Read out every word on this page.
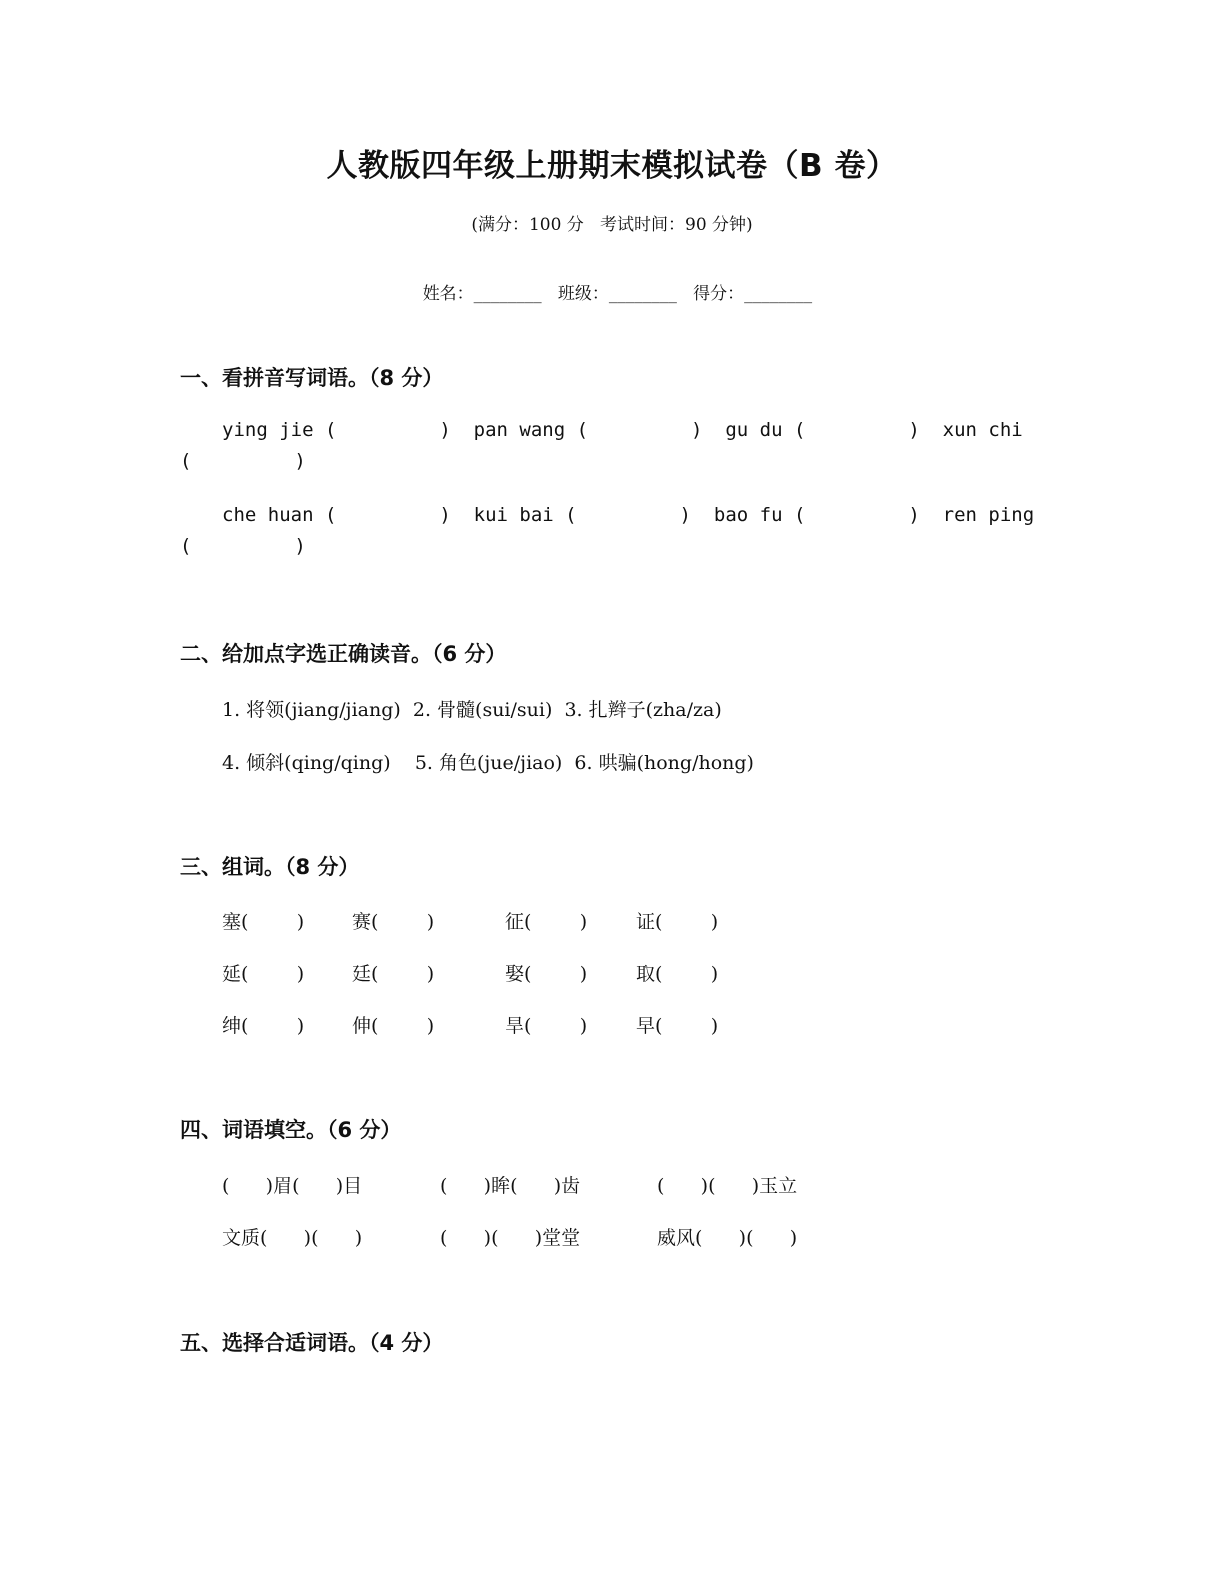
人教版四年级上册期末模拟试卷（B 卷）
(满分：100 分   考试时间：90 分钟)

姓名：________ 班级：________ 得分：________

一、看拼音写词语。（8 分）
ying jie (         )  pan wang (         )  gu du (         )  xun chi
(         )
che huan (         )  kui bai (         )  bao fu (         )  ren ping
(         )
二、给加点字选正确读音。（6 分）
1. 将领(jiang/jiang)  2. 骨髓(sui/sui)  3. 扎辫子(zha/za)
4. 倾斜(qing/qing)    5. 角色(jue/jiao)  6. 哄骗(hong/hong)
三、组词。（8 分）
塞(        )	赛(        )	征(        )	证(        )
延(        )	廷(        )	娶(        )	取(        )
绅(        )	伸(        )	旱(        )	早(        )
四、词语填空。（6 分）
(      )眉(      )目	(      )眸(      )齿	(      )(      )玉立
文质(      )(      )	(      )(      )堂堂	威风(      )(      )
五、选择合适词语。（4 分）
